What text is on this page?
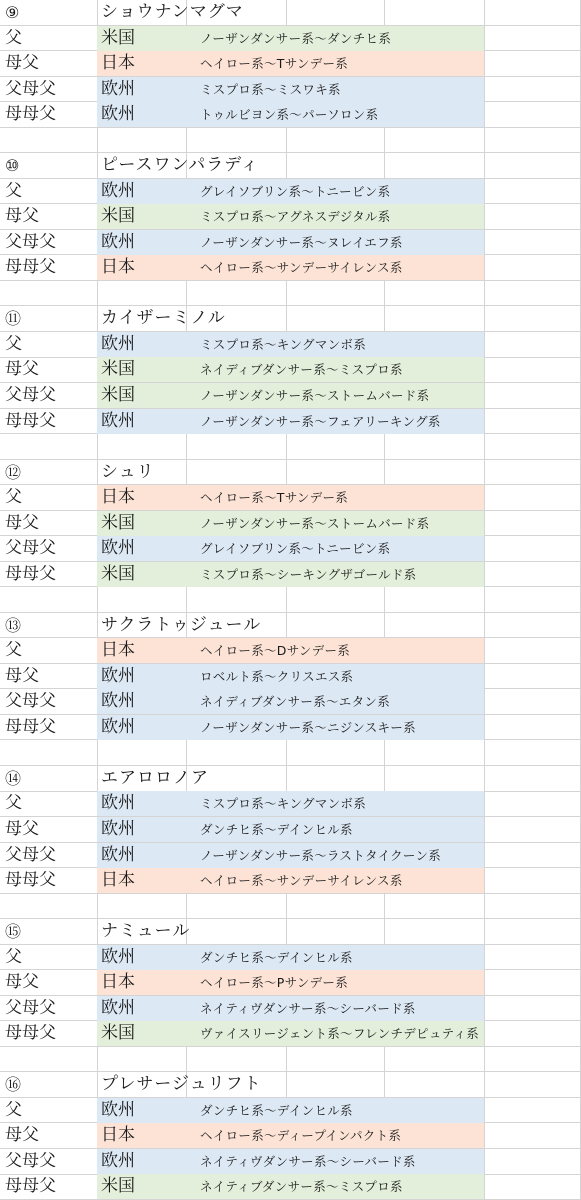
⑨	ショウナンマグマ
父	米国	ノーザンダンサー系〜ダンチヒ系
母父	日本	ヘイロー系〜Tサンデー系
父母父	欧州	ミスプロ系〜ミスワキ系
母母父	欧州	トゥルビヨン系〜パーソロン系
⑩	ピースワンパラディ
父	欧州	グレイソブリン系〜トニービン系
母父	米国	ミスプロ系〜アグネスデジタル系
父母父	欧州	ノーザンダンサー系〜ヌレイエフ系
母母父	日本	ヘイロー系〜サンデーサイレンス系
⑪	カイザーミノル
父	欧州	ミスプロ系〜キングマンボ系
母父	米国	ネイディブダンサー系〜ミスプロ系
父母父	米国	ノーザンダンサー系〜ストームバード系
母母父	欧州	ノーザンダンサー系〜フェアリーキング系
⑫	シュリ
父	日本	ヘイロー系〜Tサンデー系
母父	米国	ノーザンダンサー系〜ストームバード系
父母父	欧州	グレイソブリン系〜トニービン系
母母父	米国	ミスプロ系〜シーキングザゴールド系
⑬	サクラトゥジュール
父	日本	ヘイロー系〜Dサンデー系
母父	欧州	ロベルト系〜クリスエス系
父母父	欧州	ネイディブダンサー系〜エタン系
母母父	欧州	ノーザンダンサー系〜ニジンスキー系
⑭	エアロロノア
父	欧州	ミスプロ系〜キングマンボ系
母父	欧州	ダンチヒ系〜デインヒル系
父母父	欧州	ノーザンダンサー系〜ラストタイクーン系
母母父	日本	ヘイロー系〜サンデーサイレンス系
⑮	ナミュール
父	欧州	ダンチヒ系〜デインヒル系
母父	日本	ヘイロー系〜Pサンデー系
父母父	欧州	ネイティヴダンサー系〜シーバード系
母母父	米国	ヴァイスリージェント系〜フレンチデピュティ系
⑯	プレサージュリフト
父	欧州	ダンチヒ系〜デインヒル系
母父	日本	ヘイロー系〜ディープインパクト系
父母父	欧州	ネイティヴダンサー系〜シーバード系
母母父	米国	ネイティブダンサー系〜ミスプロ系
